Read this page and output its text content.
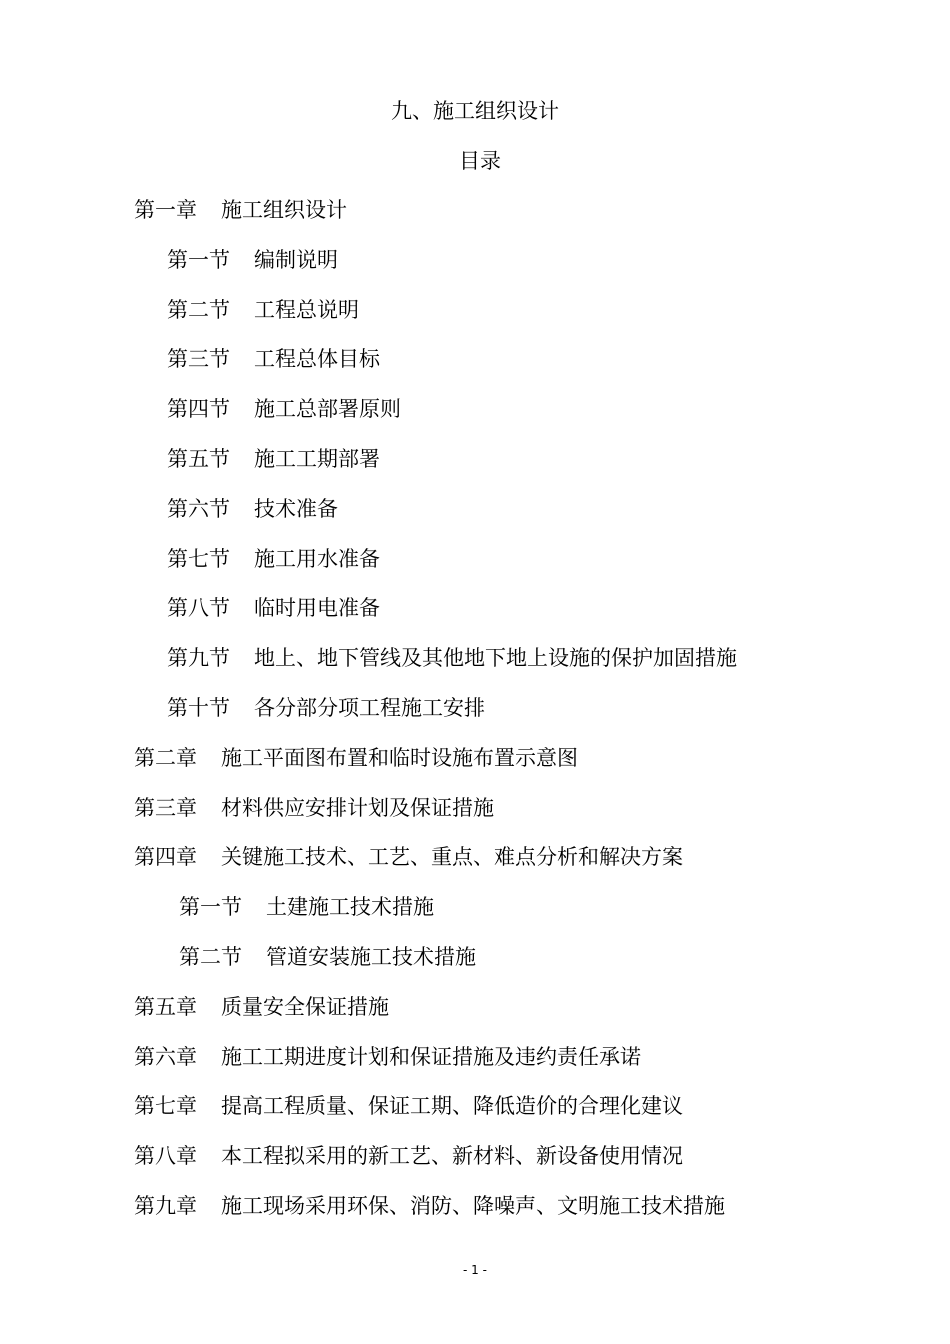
九、施工组织设计
目录
第一章 施工组织设计
第一节 编制说明
第二节 工程总说明
第三节 工程总体目标
第四节 施工总部署原则
第五节 施工工期部署
第六节 技术准备
第七节 施工用水准备
第八节 临时用电准备
第九节 地上、地下管线及其他地下地上设施的保护加固措施
第十节 各分部分项工程施工安排
第二章 施工平面图布置和临时设施布置示意图
第三章 材料供应安排计划及保证措施
第四章 关键施工技术、工艺、重点、难点分析和解决方案
第一节 土建施工技术措施
第二节 管道安装施工技术措施
第五章 质量安全保证措施
第六章 施工工期进度计划和保证措施及违约责任承诺
第七章 提高工程质量、保证工期、降低造价的合理化建议
第八章 本工程拟采用的新工艺、新材料、新设备使用情况
第九章 施工现场采用环保、消防、降噪声、文明施工技术措施
- 1 -
